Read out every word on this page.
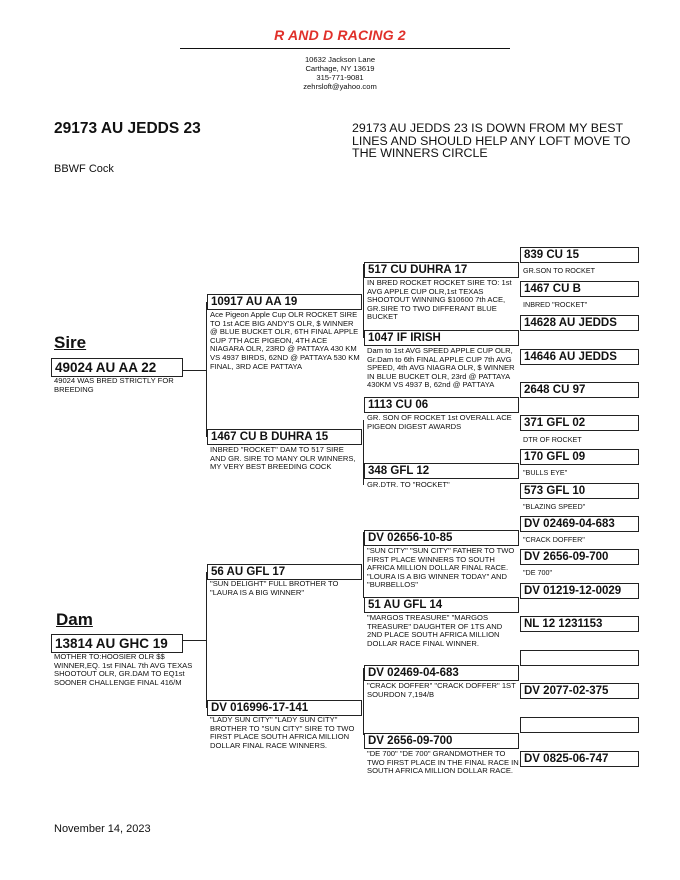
R AND D RACING 2
10632 Jackson Lane
Carthage, NY 13619
315-771-9081
zehrsloft@yahoo.com
29173 AU JEDDS 23	29173 AU JEDDS 23 IS DOWN FROM MY BEST LINES AND SHOULD HELP ANY LOFT MOVE TO THE WINNERS CIRCLE
BBWF Cock
Sire
49024 AU AA 22
49024 WAS BRED STRICTLY FOR BREEDING
Dam
13814 AU GHC 19
MOTHER TO:HOOSIER OLR $$ WINNER,EQ. 1st FINAL 7th AVG TEXAS SHOOTOUT OLR, GR.DAM TO EQ1st SOONER CHALLENGE FINAL 416/M
10917 AU AA 19
Ace Pigeon Apple Cup OLR ROCKET SIRE TO 1st ACE BIG ANDY'S OLR, $ WINNER @ BLUE BUCKET OLR, 6TH FINAL APPLE CUP 7TH ACE PIGEON, 4TH ACE NIAGARA OLR, 23RD @ PATTAYA 430 KM VS 4937 BIRDS, 62ND @ PATTAYA 530 KM FINAL, 3RD ACE PATTAYA
1467 CU B DUHRA 15
INBRED "ROCKET" DAM TO 517 SIRE AND GR. SIRE TO MANY OLR WINNERS, MY VERY BEST BREEDING COCK
56 AU GFL 17
"SUN DELIGHT" FULL BROTHER TO "LAURA IS A BIG WINNER"
DV 016996-17-141
"LADY SUN CITY" "LADY SUN CITY" BROTHER TO "SUN CITY" SIRE TO TWO FIRST PLACE SOUTH AFRICA MILLION DOLLAR FINAL RACE WINNERS.
517 CU DUHRA 17
IN BRED ROCKET ROCKET SIRE TO: 1st AVG APPLE CUP OLR,1st TEXAS SHOOTOUT WINNING $10600 7th ACE, GR.SIRE TO TWO DIFFERANT BLUE BUCKET
1047 IF IRISH
Dam to 1st AVG SPEED APPLE CUP OLR, Gr.Dam to 6th FINAL APPLE CUP 7th AVG SPEED, 4th AVG NIAGRA OLR, $ WINNER IN BLUE BUCKET OLR, 23rd @ PATTAYA 430KM VS 4937 B, 62nd @ PATTAYA
1113 CU 06
GR. SON OF ROCKET 1st OVERALL ACE PIGEON DIGEST AWARDS
348 GFL 12
GR.DTR. TO "ROCKET"
DV 02656-10-85
"SUN CITY" "SUN CITY" FATHER TO TWO FIRST PLACE WINNERS TO SOUTH AFRICA MILLION DOLLAR FINAL RACE. "LOURA IS A BIG WINNER TODAY" AND "BURBELLOS"
51 AU GFL 14
"MARGOS TREASURE" "MARGOS TREASURE" DAUGHTER OF 1TS AND 2ND PLACE SOUTH AFRICA MILLION DOLLAR RACE FINAL WINNER.
DV 02469-04-683
"CRACK DOFFER" "CRACK DOFFER" 1ST SOURDON 7,194/B
DV 2656-09-700
"DE 700" "DE 700" GRANDMOTHER TO TWO FIRST PLACE IN THE FINAL RACE IN SOUTH AFRICA MILLION DOLLAR RACE.
839 CU 15
GR.SON TO ROCKET
1467 CU B
INBRED "ROCKET"
14628 AU JEDDS
14646 AU JEDDS
2648 CU 97
371 GFL 02
DTR OF ROCKET
170 GFL 09
"BULLS EYE"
573 GFL 10
"BLAZING SPEED"
DV 02469-04-683
"CRACK DOFFER"
DV 2656-09-700
"DE 700"
DV 01219-12-0029
NL 12 1231153
DV 2077-02-375
DV 0825-06-747
November 14, 2023
